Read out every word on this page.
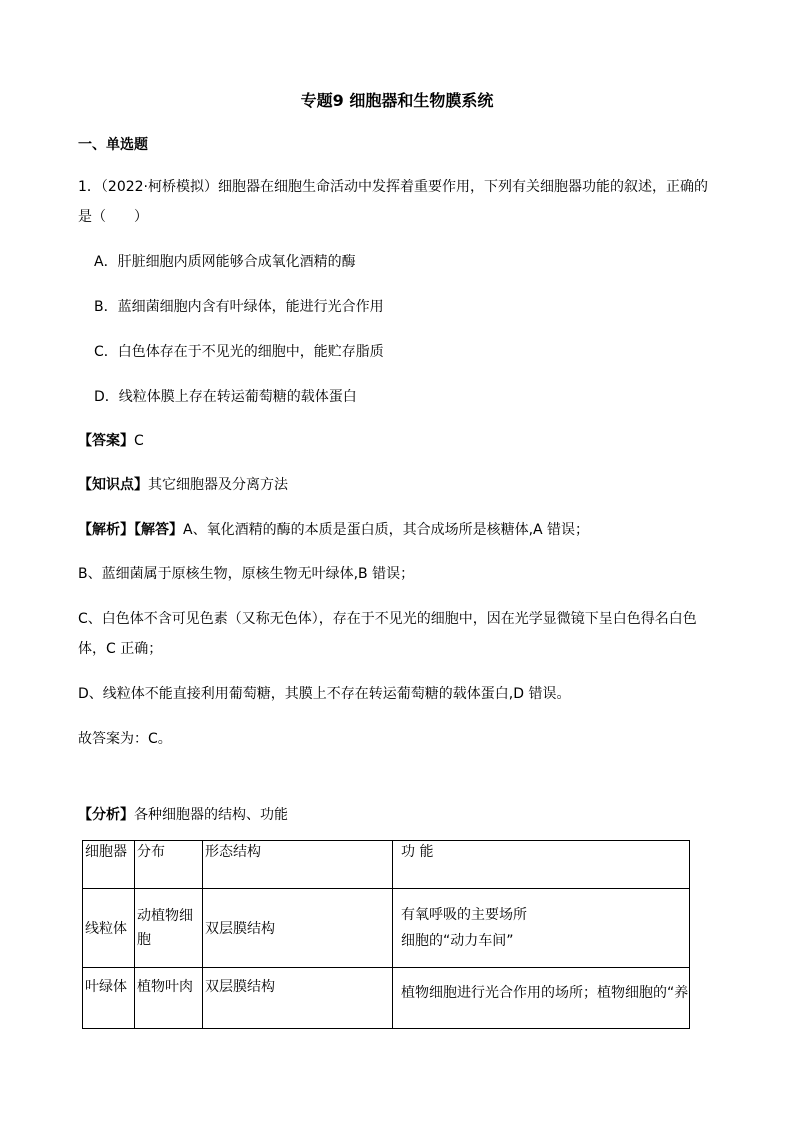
专题9 细胞器和生物膜系统
一、单选题
1．（2022·柯桥模拟）细胞器在细胞生命活动中发挥着重要作用，下列有关细胞器功能的叙述，正确的
是（　　）
A．肝脏细胞内质网能够合成氧化酒精的酶
B．蓝细菌细胞内含有叶绿体，能进行光合作用
C．白色体存在于不见光的细胞中，能贮存脂质
D．线粒体膜上存在转运葡萄糖的载体蛋白
【答案】C
【知识点】其它细胞器及分离方法
【解析】【解答】A、氧化酒精的酶的本质是蛋白质，其合成场所是核糖体,A 错误；
B、蓝细菌属于原核生物，原核生物无叶绿体,B 错误；
C、白色体不含可见色素（又称无色体），存在于不见光的细胞中，因在光学显微镜下呈白色得名白色
体，C 正确；
D、线粒体不能直接利用葡萄糖，其膜上不存在转运葡萄糖的载体蛋白,D 错误。
故答案为：C。
【分析】各种细胞器的结构、功能
细胞器	分布	形态结构	功 能
线粒体	动植物细胞	双层膜结构	有氧呼吸的主要场所
细胞的“动力车间”

叶绿体	植物叶肉	双层膜结构	植物细胞进行光合作用的场所；植物细胞的“养
